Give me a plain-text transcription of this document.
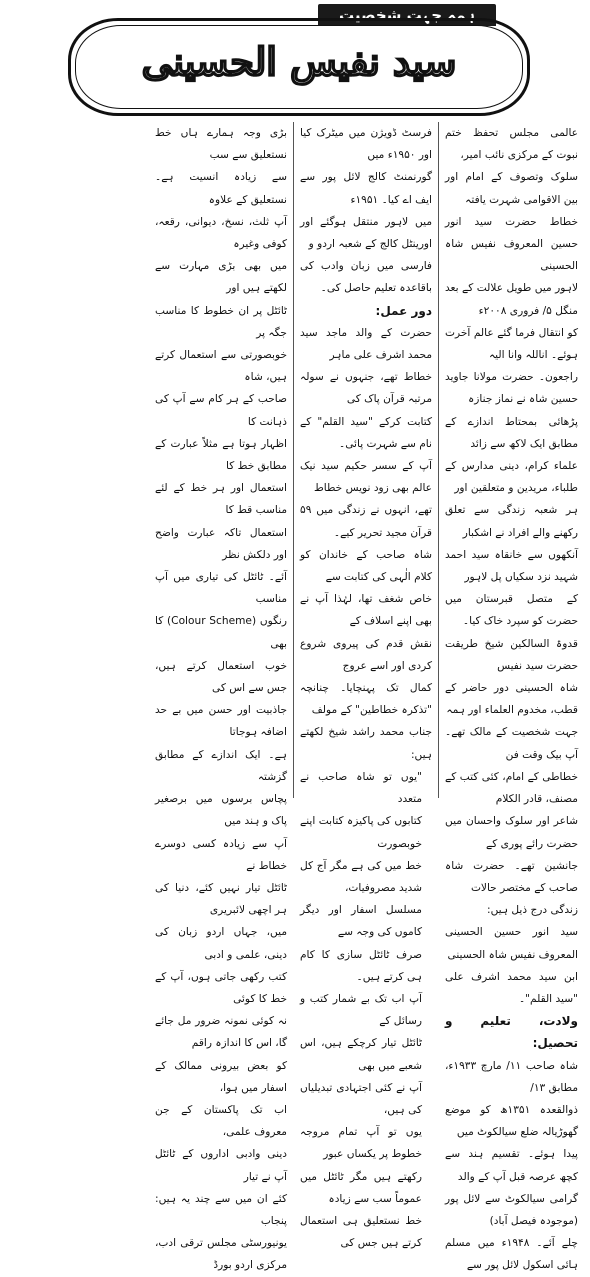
ہمہ جہت شخصیت
سید نفیس الحسینی

عالمی مجلس تحفظ ختم نبوت کے مرکزی نائب امیر،

سلوک وتصوف کے امام اور بین الاقوامی شہرت یافتہ

خطاط حضرت سید انور حسین المعروف نفیس شاہ الحسینی

لاہور میں طویل علالت کے بعد منگل ۵/ فروری ۲۰۰۸ء

کو انتقال فرما گئے عالم آخرت ہوئے۔ اناللہ وانا الیہ

راجعون۔ حضرت مولانا جاوید حسین شاہ نے نماز جنازہ

پڑھائی بمحتاط اندازے کے مطابق ایک لاکھ سے زائد

علماء کرام، دینی مدارس کے طلباء، مریدین و متعلقین اور

ہر شعبہ زندگی سے تعلق رکھنے والے افراد نے اشکبار

آنکھوں سے خانقاہ سید احمد شہید نزد سکیاں پل لاہور

کے متصل قبرستان میں حضرت کو سپرد خاک کیا۔

قدوۃ السالکین شیخ طریقت حضرت سید نفیس

شاہ الحسینی دور حاضر کے قطب، مخدوم العلماء اور ہمہ

جہت شخصیت کے مالک تھے۔ آپ بیک وقت فن

خطاطی کے امام، کئی کتب کے مصنف، قادر الکلام

شاعر اور سلوک واحسان میں حضرت رائے پوری کے

جانشین تھے۔ حضرت شاہ صاحب کے مختصر حالات

زندگی درج ذیل ہیں:

سید انور حسین الحسینی المعروف نفیس شاہ الحسینی

ابن سید محمد اشرف علی "سید القلم"۔

ولادت، تعلیم و تحصیل:

شاہ صاحب ۱۱/ مارچ ۱۹۳۳ء، مطابق ۱۳/

ذوالقعدہ ۱۳۵۱ھ کو موضع گھوڑیالہ ضلع سیالکوٹ میں

پیدا ہوئے۔ تقسیم ہند سے کچھ عرصہ قبل آپ کے والد

گرامی سیالکوٹ سے لائل پور (موجودہ فیصل آباد)

چلے آئے۔ ۱۹۴۸ء میں مسلم ہائی اسکول لائل پور سے

فرسٹ ڈویژن میں میٹرک کیا اور ۱۹۵۰ء میں

گورنمنٹ کالج لائل پور سے ایف اے کیا۔ ۱۹۵۱ء

میں لاہور منتقل ہوگئے اور اورینٹل کالج کے شعبہ اردو و

فارسی میں زبان وادب کی باقاعدہ تعلیم حاصل کی۔

دور عمل:

حضرت کے والد ماجد سید محمد اشرف علی ماہر

خطاط تھے، جنہوں نے سولہ مرتبہ قرآن پاک کی

کتابت کرکے "سید القلم" کے نام سے شہرت پائی۔

آپ کے سسر حکیم سید نیک عالم بھی زود نویس خطاط

تھے، انہوں نے زندگی میں ۵۹ قرآن مجید تحریر کیے۔

شاہ صاحب کے خاندان کو کلام الٰہی کی کتابت سے

خاص شغف تھا، لہٰذا آپ نے بھی اپنے اسلاف کے

نقش قدم کی پیروی شروع کردی اور اسے عروج

کمال تک پہنچایا۔ چنانچہ "تذکرہ خطاطین" کے مولف

جناب محمد راشد شیخ لکھتے ہیں:

"یوں تو شاہ صاحب نے متعدد

کتابوں کی پاکیزہ کتابت اپنے خوبصورت

خط میں کی ہے مگر آج کل شدید مصروفیات،

مسلسل اسفار اور دیگر کاموں کی وجہ سے

صرف ٹائٹل سازی کا کام ہی کرتے ہیں۔

آپ اب تک بے شمار کتب و رسائل کے

ٹائٹل تیار کرچکے ہیں، اس شعبے میں بھی

آپ نے کئی اجتہادی تبدیلیاں کی ہیں،

یوں تو آپ تمام مروجہ خطوط پر یکساں عبور

رکھتے ہیں مگر ٹائٹل میں عموماً سب سے زیادہ

خط نستعلیق ہی استعمال کرتے ہیں جس کی

بڑی وجہ ہمارے ہاں خط نستعلیق سے سب

سے زیادہ انسیت ہے۔ نستعلیق کے علاوہ

آپ ثلث، نسخ، دیوانی، رقعہ، کوفی وغیرہ

میں بھی بڑی مہارت سے لکھتے ہیں اور

ٹائٹل پر ان خطوط کا مناسب جگہ پر

خوبصورتی سے استعمال کرتے ہیں، شاہ

صاحب کے ہر کام سے آپ کی ذہانت کا

اظہار ہوتا ہے مثلاً عبارت کے مطابق خط کا

استعمال اور ہر خط کے لئے مناسب قط کا

استعمال تاکہ عبارت واضح اور دلکش نظر

آئے۔ ٹائٹل کی تیاری میں آپ مناسب

رنگوں (Colour Scheme) کا بھی

خوب استعمال کرتے ہیں، جس سے اس کی

جاذبیت اور حسن میں بے حد اضافہ ہوجاتا

ہے۔ ایک اندازے کے مطابق گزشتہ

پچاس برسوں میں برصغیر پاک و ہند میں

آپ سے زیادہ کسی دوسرے خطاط نے

ٹائٹل تیار نہیں کئے، دنیا کی ہر اچھی لائبریری

میں، جہاں اردو زبان کی دینی، علمی و ادبی

کتب رکھی جاتی ہوں، آپ کے خط کا کوئی

نہ کوئی نمونہ ضرور مل جائے گا، اس کا اندازہ راقم

کو بعض بیرونی ممالک کے اسفار میں ہوا،

اب تک پاکستان کے جن معروف علمی،

دینی وادبی اداروں کے ٹائٹل آپ نے تیار

کئے ان میں سے چند یہ ہیں: پنجاب

یونیورسٹی مجلس ترقی ادب، مرکزی اردو بورڈ
